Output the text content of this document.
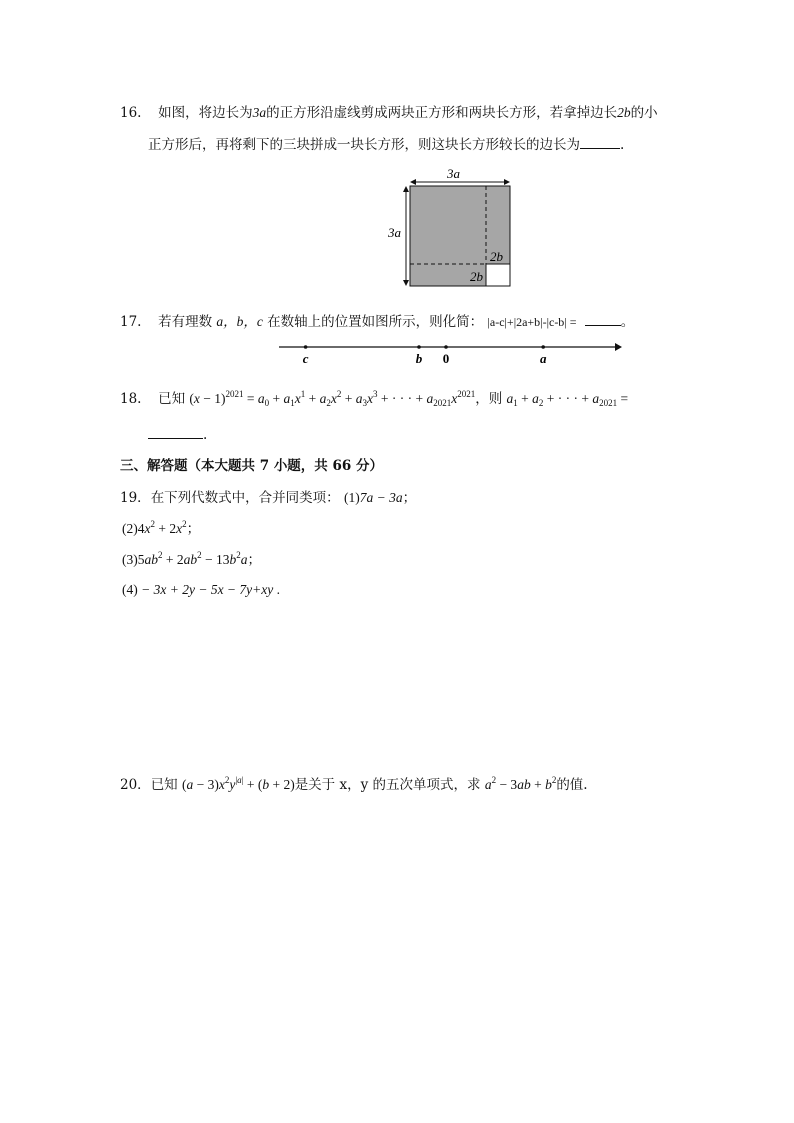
16. 如图，将边长为3a的正方形沿虚线剪成两块正方形和两块长方形，若拿掉边长2b的小
正方形后，再将剩下的三块拼成一块长方形，则这块长方形较长的边长为	.
3a
3a
2b
2b
17. 若有理数 a，b，c 在数轴上的位置如图所示，则化简： |a-c|+|2a+b|-|c-b| =	。
c	b 0	a
18. 已知 $(x - 1)^{2021} = a_0 + a_1x^1 + a_2x^2 + a_3x^3$ + · · · + $a_{2021}x^{2021}$，则 $a_1 + a_2$ + · · · + $a_{2021}$ =
.
三、解答题（本大题共 7 小题，共 66 分）
19．在下列代数式中，合并同类项： (1)7a − 3a；
$(2)4x^2 + 2x^2$；
$(3)5ab^2 + 2ab^2 - 13b^2a$；
(4) − 3x + 2y − 5x − 7y+xy .
20．已知 $(a - 3)x^2y^{|a|} + (b + 2)$是关于 x，y 的五次单项式，求 $a^2 - 3ab + b^2$的值.
